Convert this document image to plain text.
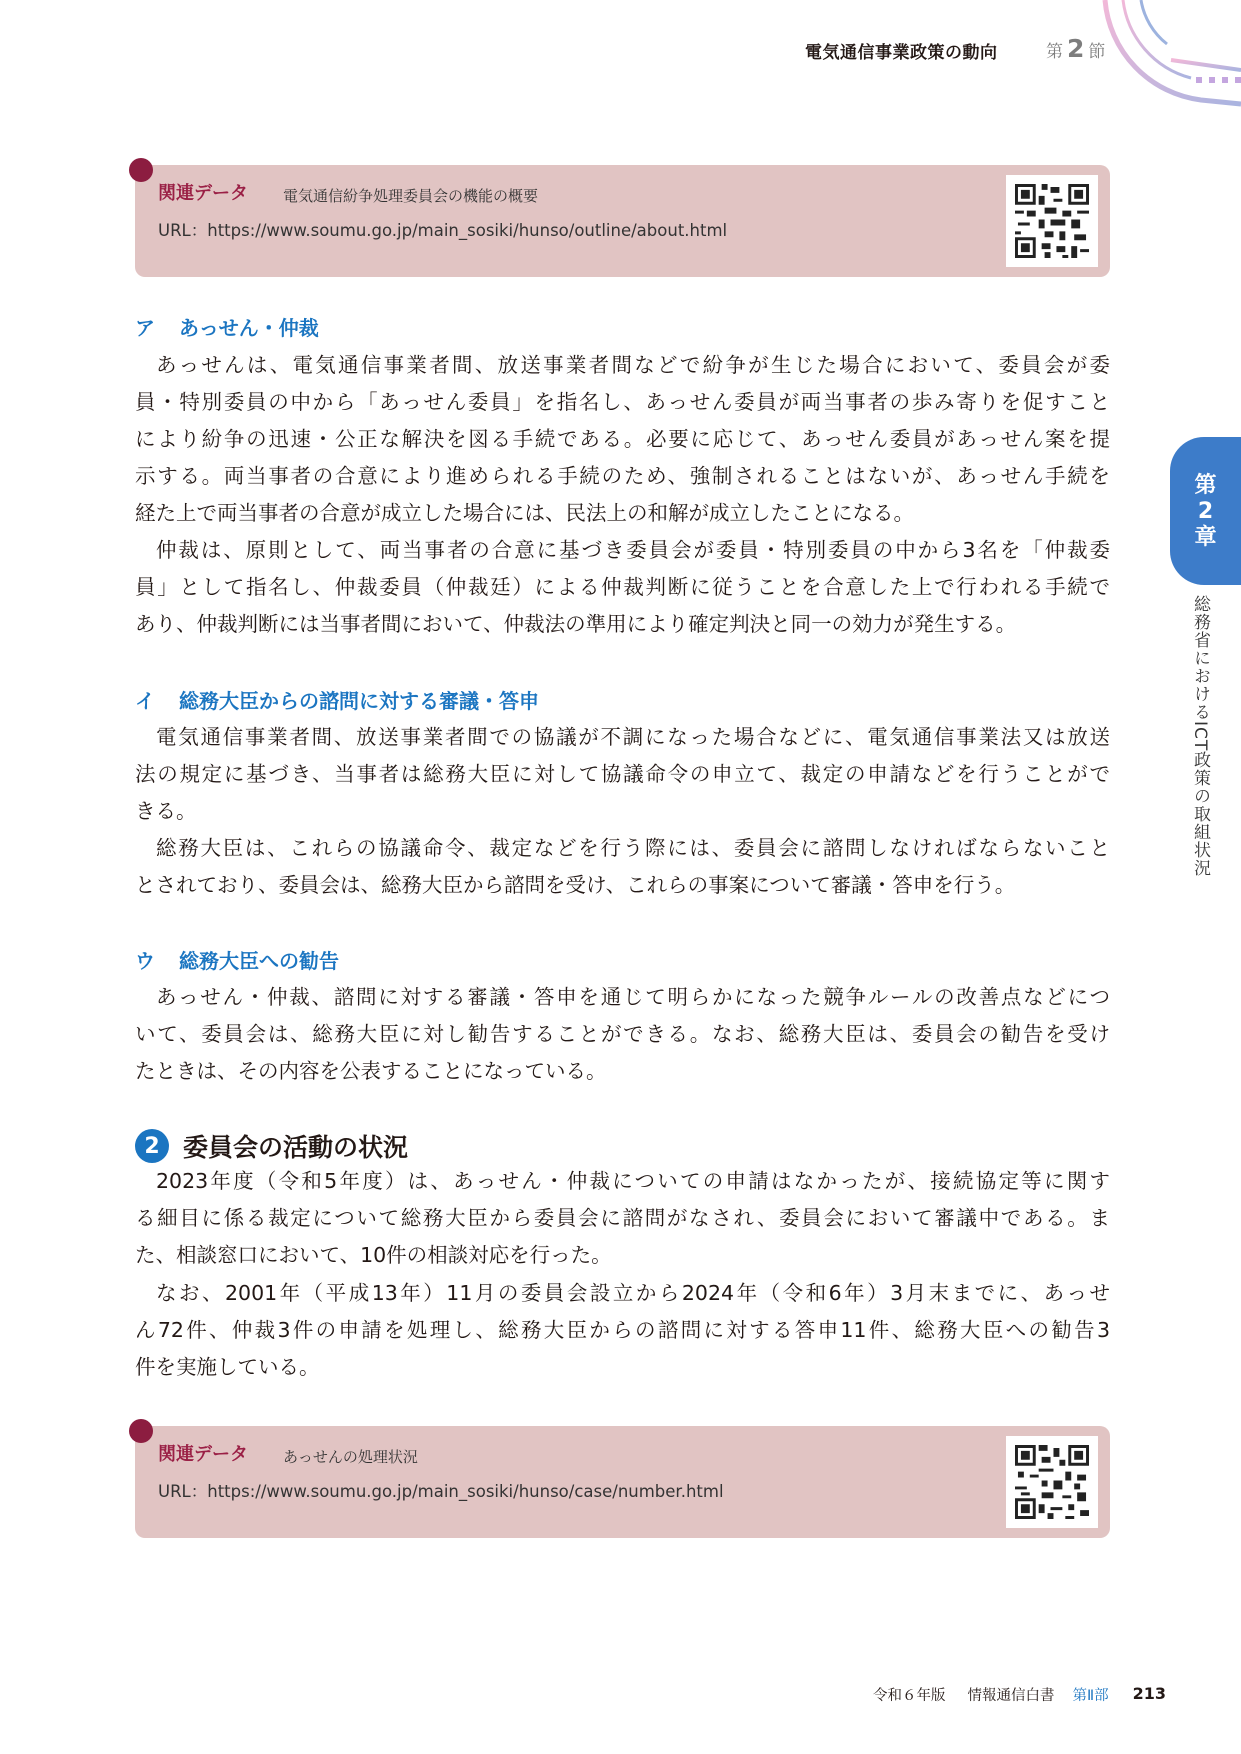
電気通信事業政策の動向	第 2 節
関連データ 電気通信紛争処理委員会の機能の概要
URL：https://www.soumu.go.jp/main_sosiki/hunso/outline/about.html
ア あっせん・仲裁
あっせんは、電気通信事業者間、放送事業者間などで紛争が生じた場合において、委員会が委
員・特別委員の中から「あっせん委員」を指名し、あっせん委員が両当事者の歩み寄りを促すこと
により紛争の迅速・公正な解決を図る手続である。必要に応じて、あっせん委員があっせん案を提
示する。両当事者の合意により進められる手続のため、強制されることはないが、あっせん手続を
経た上で両当事者の合意が成立した場合には、民法上の和解が成立したことになる。
仲裁は、原則として、両当事者の合意に基づき委員会が委員・特別委員の中から3名を「仲裁委
員」として指名し、仲裁委員（仲裁廷）による仲裁判断に従うことを合意した上で行われる手続で
あり、仲裁判断には当事者間において、仲裁法の準用により確定判決と同一の効力が発生する。
イ 総務大臣からの諮問に対する審議・答申
電気通信事業者間、放送事業者間での協議が不調になった場合などに、電気通信事業法又は放送
法の規定に基づき、当事者は総務大臣に対して協議命令の申立て、裁定の申請などを行うことがで
きる。
総務大臣は、これらの協議命令、裁定などを行う際には、委員会に諮問しなければならないこと
とされており、委員会は、総務大臣から諮問を受け、これらの事案について審議・答申を行う。
ウ 総務大臣への勧告
あっせん・仲裁、諮問に対する審議・答申を通じて明らかになった競争ルールの改善点などにつ
いて、委員会は、総務大臣に対し勧告することができる。なお、総務大臣は、委員会の勧告を受け
たときは、その内容を公表することになっている。
2 委員会の活動の状況
2023年度（令和5年度）は、あっせん・仲裁についての申請はなかったが、接続協定等に関す
る細目に係る裁定について総務大臣から委員会に諮問がなされ、委員会において審議中である。ま
た、相談窓口において、10件の相談対応を行った。
なお、2001年（平成13年）11月の委員会設立から2024年（令和6年）3月末までに、あっせ
ん72件、仲裁3件の申請を処理し、総務大臣からの諮問に対する答申11件、総務大臣への勧告3
件を実施している。
関連データ あっせんの処理状況
URL：https://www.soumu.go.jp/main_sosiki/hunso/case/number.html
第
2
章
総務省におけるICT政策の取組状況
令和６年版 情報通信白書 第Ⅱ部 213
